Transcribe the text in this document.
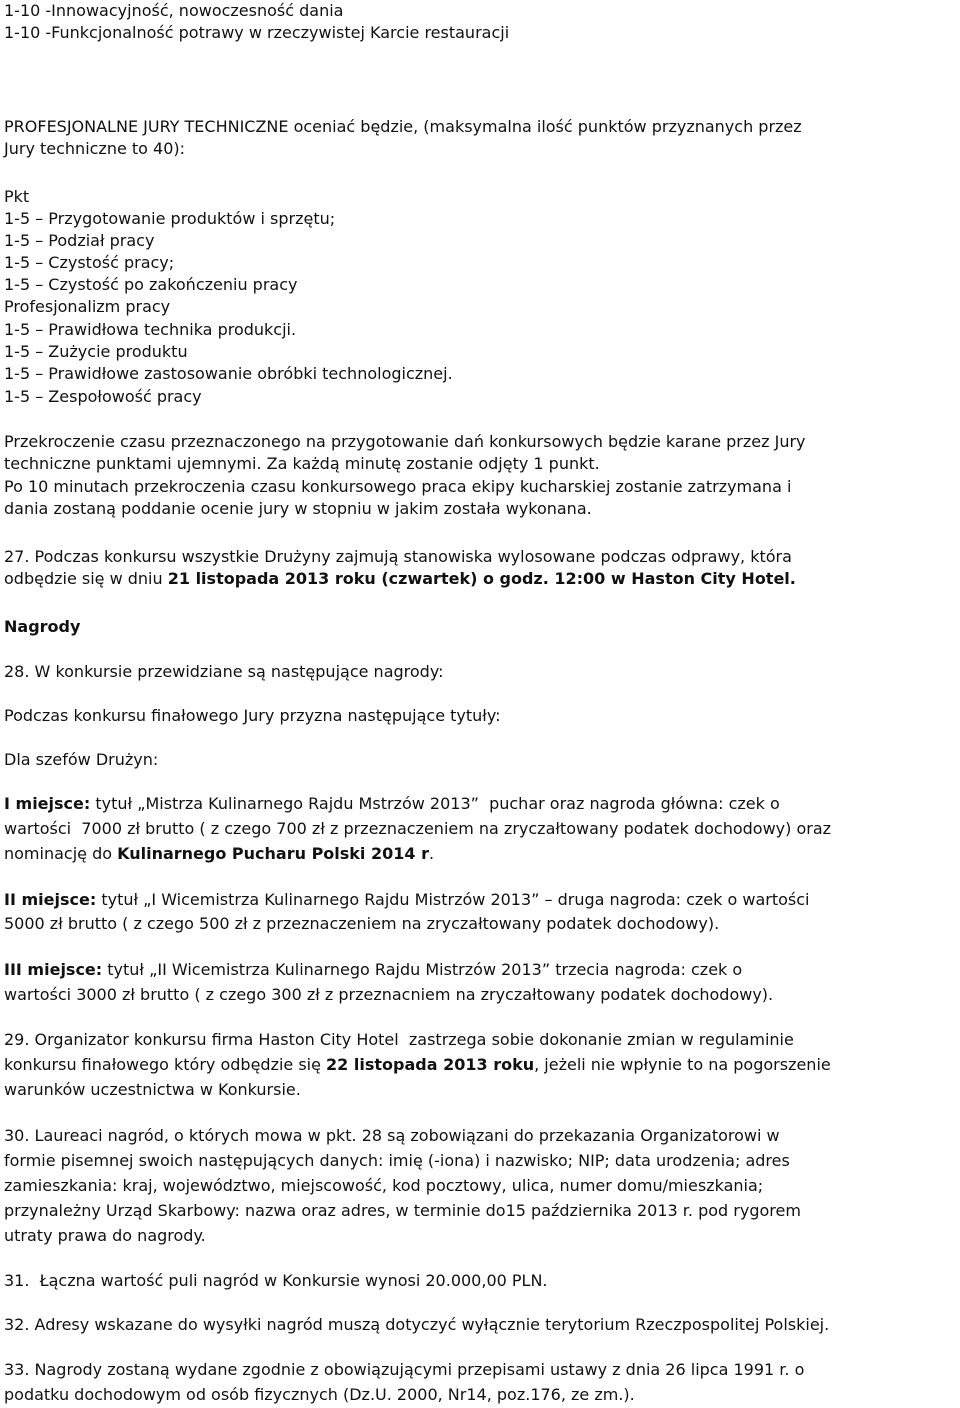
1-10 -Innowacyjność, nowoczesność dania

1-10 -Funkcjonalność potrawy w rzeczywistej Karcie restauracji

PROFESJONALNE JURY TECHNICZNE oceniać będzie, (maksymalna ilość punktów przyznanych przez

Jury techniczne to 40):

Pkt

1-5 – Przygotowanie produktów i sprzętu;

1-5 – Podział pracy

1-5 – Czystość pracy;

1-5 – Czystość po zakończeniu pracy

Profesjonalizm pracy

1-5 – Prawidłowa technika produkcji.

1-5 – Zużycie produktu

1-5 – Prawidłowe zastosowanie obróbki technologicznej.

1-5 – Zespołowość pracy

Przekroczenie czasu przeznaczonego na przygotowanie dań konkursowych będzie karane przez Jury

techniczne punktami ujemnymi. Za każdą minutę zostanie odjęty 1 punkt.

Po 10 minutach przekroczenia czasu konkursowego praca ekipy kucharskiej zostanie zatrzymana i

dania zostaną poddanie ocenie jury w stopniu w jakim została wykonana.

27. Podczas konkursu wszystkie Drużyny zajmują stanowiska wylosowane podczas odprawy, która

odbędzie się w dniu 21 listopada 2013 roku (czwartek) o godz. 12:00 w Haston City Hotel.

Nagrody

28. W konkursie przewidziane są następujące nagrody:

Podczas konkursu finałowego Jury przyzna następujące tytuły:

Dla szefów Drużyn:

I miejsce: tytuł „Mistrza Kulinarnego Rajdu Mstrzów 2013”  puchar oraz nagroda główna: czek o

wartości  7000 zł brutto ( z czego 700 zł z przeznaczeniem na zryczałtowany podatek dochodowy) oraz

nominację do Kulinarnego Pucharu Polski 2014 r.

II miejsce: tytuł „I Wicemistrza Kulinarnego Rajdu Mistrzów 2013” – druga nagroda: czek o wartości

5000 zł brutto ( z czego 500 zł z przeznaczeniem na zryczałtowany podatek dochodowy).

III miejsce: tytuł „II Wicemistrza Kulinarnego Rajdu Mistrzów 2013” trzecia nagroda: czek o

wartości 3000 zł brutto ( z czego 300 zł z przeznacniem na zryczałtowany podatek dochodowy).

29. Organizator konkursu firma Haston City Hotel  zastrzega sobie dokonanie zmian w regulaminie

konkursu finałowego który odbędzie się 22 listopada 2013 roku, jeżeli nie wpłynie to na pogorszenie

warunków uczestnictwa w Konkursie.

30. Laureaci nagród, o których mowa w pkt. 28 są zobowiązani do przekazania Organizatorowi w

formie pisemnej swoich następujących danych: imię (-iona) i nazwisko; NIP; data urodzenia; adres

zamieszkania: kraj, województwo, miejscowość, kod pocztowy, ulica, numer domu/mieszkania;

przynależny Urząd Skarbowy: nazwa oraz adres, w terminie do15 października 2013 r. pod rygorem

utraty prawa do nagrody.

31.  Łączna wartość puli nagród w Konkursie wynosi 20.000,00 PLN.

32. Adresy wskazane do wysyłki nagród muszą dotyczyć wyłącznie terytorium Rzeczpospolitej Polskiej.

33. Nagrody zostaną wydane zgodnie z obowiązującymi przepisami ustawy z dnia 26 lipca 1991 r. o

podatku dochodowym od osób fizycznych (Dz.U. 2000, Nr14, poz.176, ze zm.).
